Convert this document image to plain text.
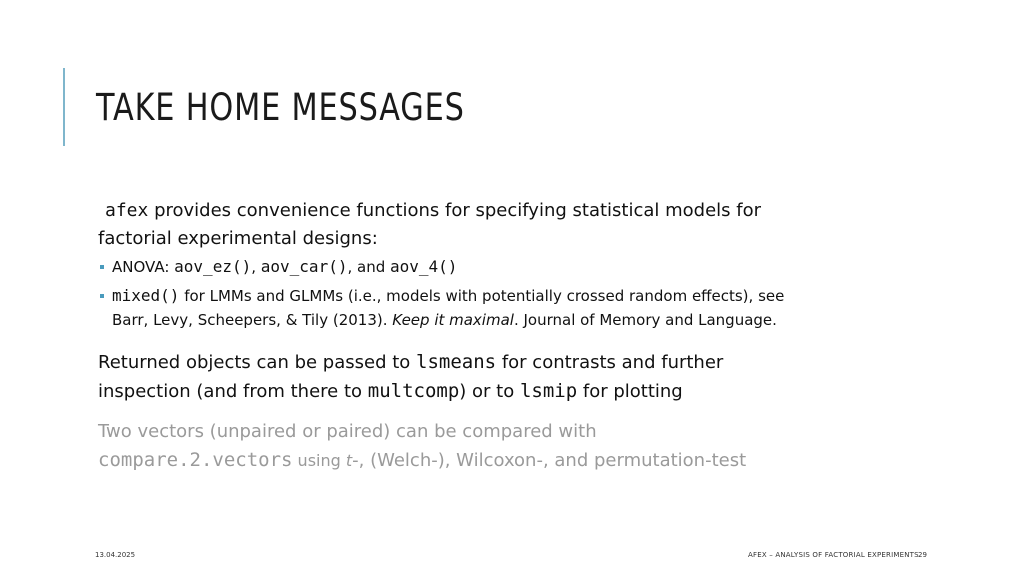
TAKE HOME MESSAGES

afex provides convenience functions for specifying statistical models for
factorial experimental designs:

ANOVA: aov_ez(), aov_car(), and aov_4()
mixed() for LMMs and GLMMs (i.e., models with potentially crossed random effects), see
Barr, Levy, Scheepers, & Tily (2013). Keep it maximal. Journal of Memory and Language.

Returned objects can be passed to lsmeans for contrasts and further
inspection (and from there to multcomp) or to lsmip for plotting

Two vectors (unpaired or paired) can be compared with
compare.2.vectors using t-, (Welch-), Wilcoxon-, and permutation-test

13.04.2025	AFEX – ANALYSIS OF FACTORIAL EXPERIMENTS 29
